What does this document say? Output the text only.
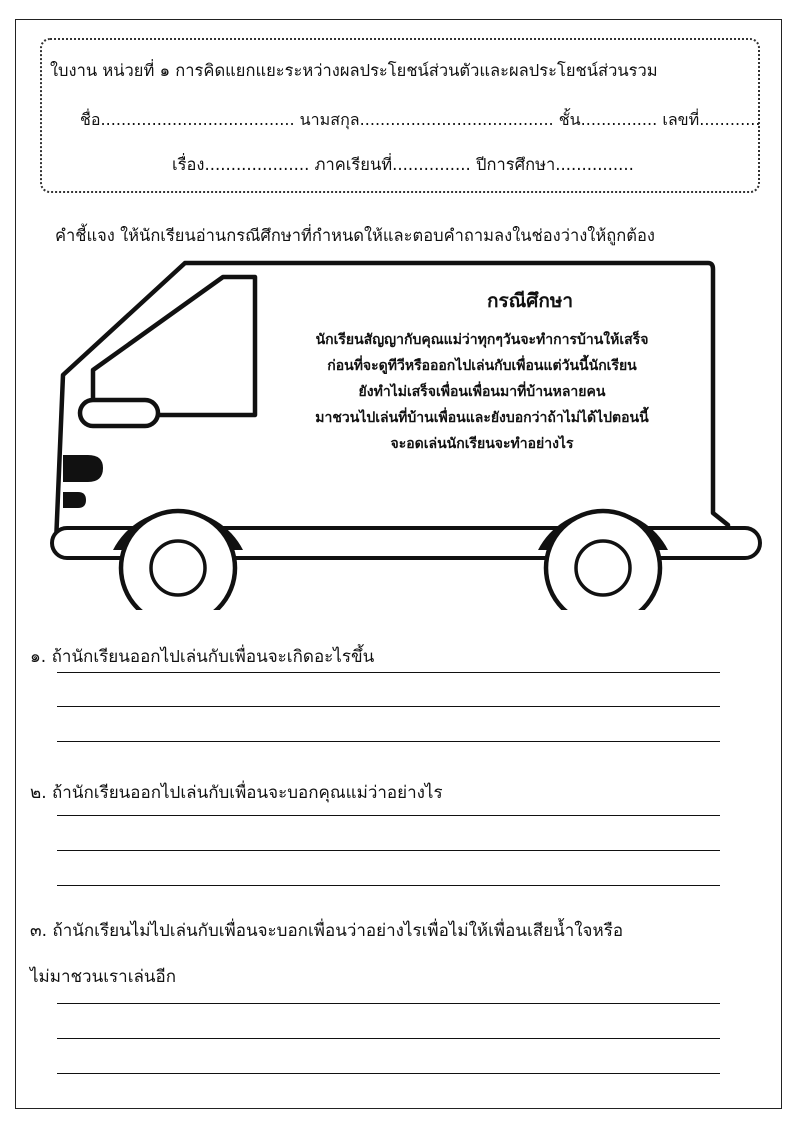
ใบงาน หน่วยที่ ๑ การคิดแยกแยะระหว่างผลประโยชน์ส่วนตัวและผลประโยชน์ส่วนรวม
ชื่อ...................................... นามสกุล...................................... ชั้น............... เลขที่............
เรื่อง.................... ภาคเรียนที่............... ปีการศึกษา...............
คำชี้แจง ให้นักเรียนอ่านกรณีศึกษาที่กำหนดให้และตอบคำถามลงในช่องว่างให้ถูกต้อง
กรณีศึกษา
นักเรียนสัญญากับคุณแม่ว่าทุกๆวันจะทำการบ้านให้เสร็จ
ก่อนที่จะดูทีวีหรือออกไปเล่นกับเพื่อนแต่วันนี้นักเรียน
ยังทำไม่เสร็จเพื่อนเพื่อนมาที่บ้านหลายคน
มาชวนไปเล่นที่บ้านเพื่อนและยังบอกว่าถ้าไม่ได้ไปตอนนี้
จะอดเล่นนักเรียนจะทำอย่างไร
๑. ถ้านักเรียนออกไปเล่นกับเพื่อนจะเกิดอะไรขึ้น
๒. ถ้านักเรียนออกไปเล่นกับเพื่อนจะบอกคุณแม่ว่าอย่างไร
๓. ถ้านักเรียนไม่ไปเล่นกับเพื่อนจะบอกเพื่อนว่าอย่างไรเพื่อไม่ให้เพื่อนเสียน้ำใจหรือ
ไม่มาชวนเราเล่นอีก
